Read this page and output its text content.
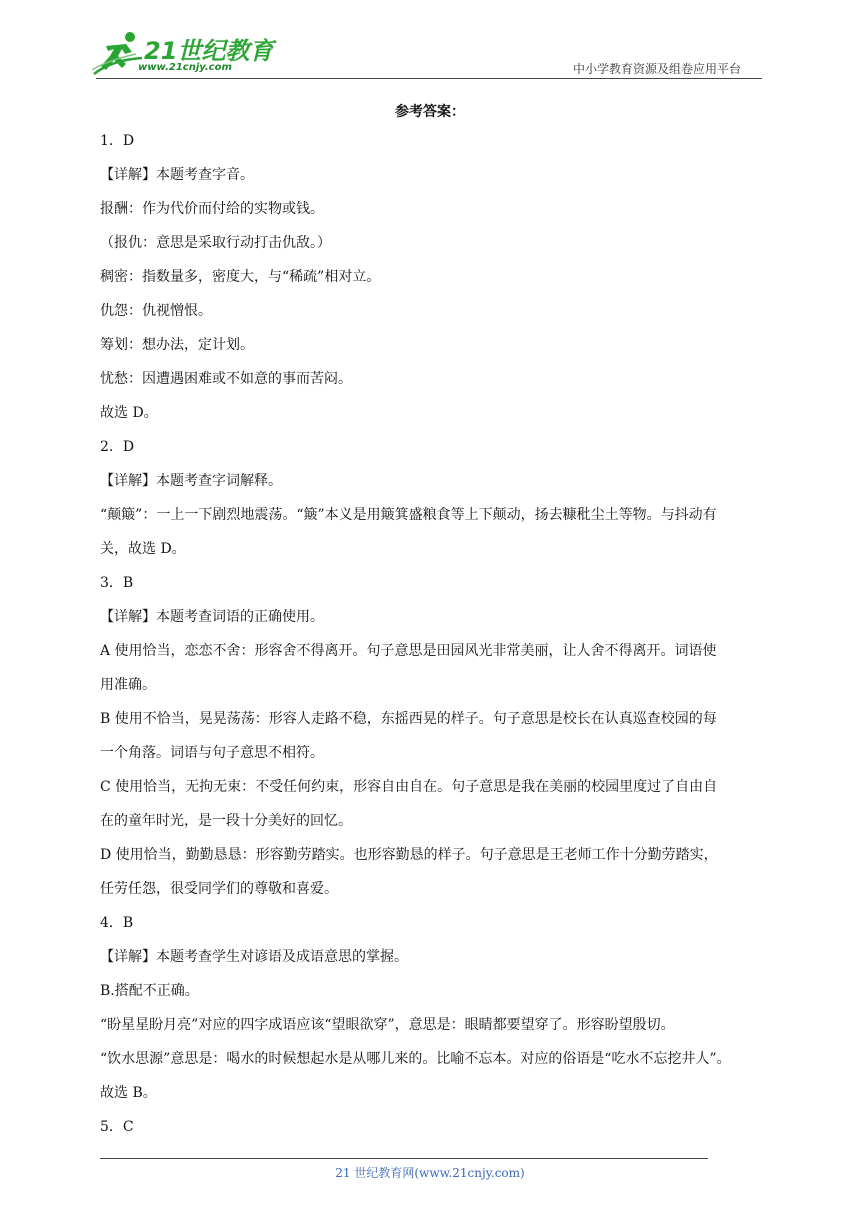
21世纪教育
www.21cnjy.com	中小学教育资源及组卷应用平台
参考答案：
1．D
【详解】本题考查字音。
报酬：作为代价而付给的实物或钱。
（报仇：意思是采取行动打击仇敌。）
稠密：指数量多，密度大，与“稀疏”相对立。
仇怨：仇视憎恨。
筹划：想办法，定计划。
忧愁：因遭遇困难或不如意的事而苦闷。
故选 D。
2．D
【详解】本题考查字词解释。
“颠簸”：一上一下剧烈地震荡。“簸”本义是用簸箕盛粮食等上下颠动，扬去糠秕尘土等物。与抖动有
关，故选 D。
3．B
【详解】本题考查词语的正确使用。
A 使用恰当，恋恋不舍：形容舍不得离开。句子意思是田园风光非常美丽，让人舍不得离开。词语使
用准确。
B 使用不恰当，晃晃荡荡：形容人走路不稳，东摇西晃的样子。句子意思是校长在认真巡查校园的每
一个角落。词语与句子意思不相符。
C 使用恰当，无拘无束：不受任何约束，形容自由自在。句子意思是我在美丽的校园里度过了自由自
在的童年时光，是一段十分美好的回忆。
D 使用恰当，勤勤恳恳：形容勤劳踏实。也形容勤恳的样子。句子意思是王老师工作十分勤劳踏实，
任劳任怨，很受同学们的尊敬和喜爱。
4．B
【详解】本题考查学生对谚语及成语意思的掌握。
B.搭配不正确。
“盼星星盼月亮”对应的四字成语应该“望眼欲穿”，意思是：眼睛都要望穿了。形容盼望殷切。
“饮水思源”意思是：喝水的时候想起水是从哪儿来的。比喻不忘本。对应的俗语是“吃水不忘挖井人”。
故选 B。
5．C
21 世纪教育网(www.21cnjy.com)
